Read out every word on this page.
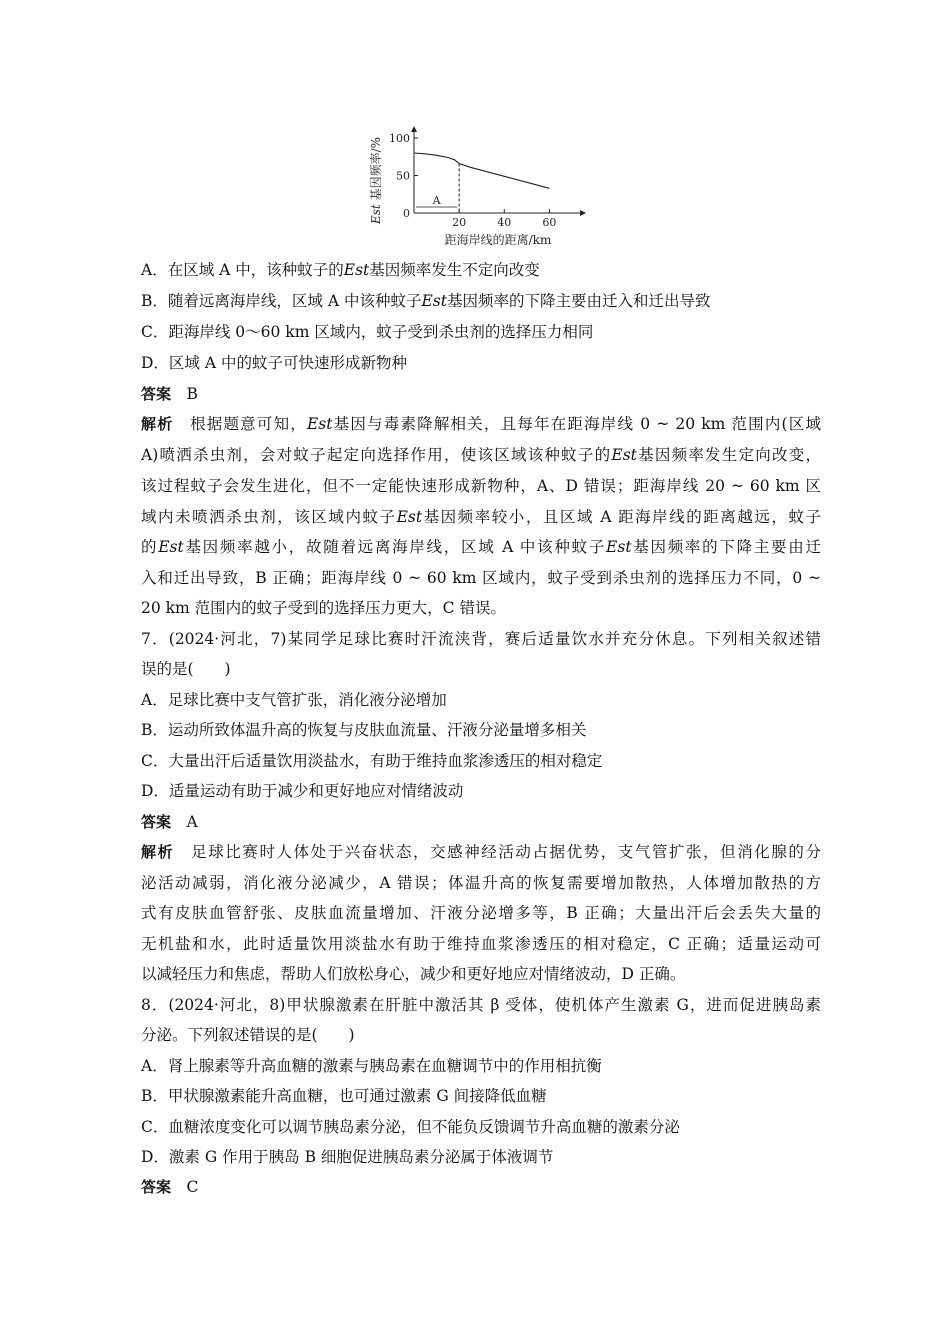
100
50
0
20	40	60
A
距海岸线的距离/km
Est 基因频率/%
A．在区域 A 中，该种蚊子的Est基因频率发生不定向改变
B．随着远离海岸线，区域 A 中该种蚊子Est基因频率的下降主要由迁入和迁出导致
C．距海岸线 0～60 km 区域内，蚊子受到杀虫剂的选择压力相同
D．区域 A 中的蚊子可快速形成新物种
答案　 B
解析　 根据题意可知，Est基因与毒素降解相关，且每年在距海岸线 0 ~ 20 km 范围内(区域
A)喷洒杀虫剂，会对蚊子起定向选择作用，使该区域该种蚊子的Est基因频率发生定向改变，
该过程蚊子会发生进化，但不一定能快速形成新物种，A、D 错误；距海岸线 20 ~ 60 km 区
域内未喷洒杀虫剂，该区域内蚊子Est基因频率较小，且区域 A 距海岸线的距离越远，蚊子
的Est基因频率越小，故随着远离海岸线，区域 A 中该种蚊子Est基因频率的下降主要由迁
入和迁出导致，B 正确；距海岸线 0 ~ 60 km 区域内，蚊子受到杀虫剂的选择压力不同，0 ~
20 km 范围内的蚊子受到的选择压力更大，C 错误。
7．(2024·河北，7)某同学足球比赛时汗流浃背，赛后适量饮水并充分休息。下列相关叙述错
误的是(　　)
A．足球比赛中支气管扩张，消化液分泌增加
B．运动所致体温升高的恢复与皮肤血流量、汗液分泌量增多相关
C．大量出汗后适量饮用淡盐水，有助于维持血浆渗透压的相对稳定
D．适量运动有助于减少和更好地应对情绪波动
答案　 A
解析　 足球比赛时人体处于兴奋状态，交感神经活动占据优势，支气管扩张，但消化腺的分
泌活动减弱，消化液分泌减少，A 错误；体温升高的恢复需要增加散热，人体增加散热的方
式有皮肤血管舒张、皮肤血流量增加、汗液分泌增多等，B 正确；大量出汗后会丢失大量的
无机盐和水，此时适量饮用淡盐水有助于维持血浆渗透压的相对稳定，C 正确；适量运动可
以减轻压力和焦虑，帮助人们放松身心，减少和更好地应对情绪波动，D 正确。
8．(2024·河北，8)甲状腺激素在肝脏中激活其 β 受体，使机体产生激素 G，进而促进胰岛素
分泌。下列叙述错误的是(　　)
A．肾上腺素等升高血糖的激素与胰岛素在血糖调节中的作用相抗衡
B．甲状腺激素能升高血糖，也可通过激素 G 间接降低血糖
C．血糖浓度变化可以调节胰岛素分泌，但不能负反馈调节升高血糖的激素分泌
D．激素 G 作用于胰岛 B 细胞促进胰岛素分泌属于体液调节
答案　 C
